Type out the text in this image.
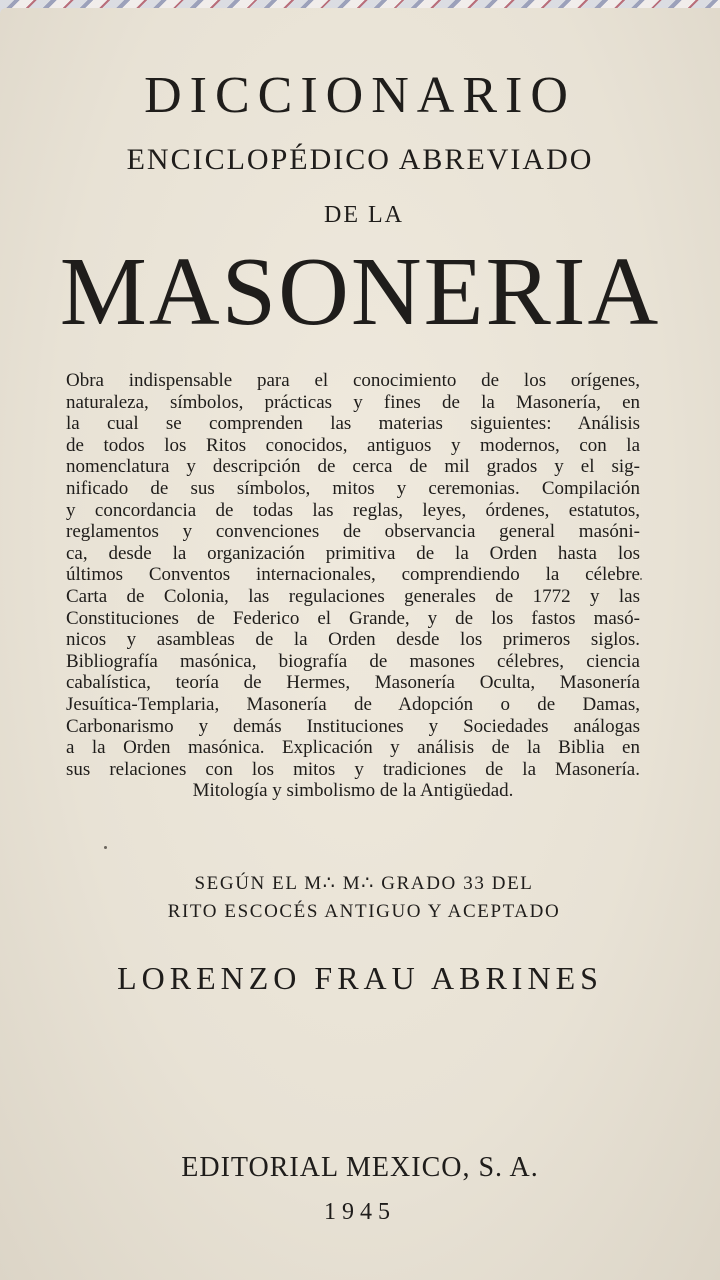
DICCIONARIO
ENCICLOPÉDICO ABREVIADO
DE LA
MASONERIA
Obra indispensable para el conocimiento de los orígenes,
naturaleza, símbolos, prácticas y fines de la Masonería, en
la cual se comprenden las materias siguientes: Análisis
de todos los Ritos conocidos, antiguos y modernos, con la
nomenclatura y descripción de cerca de mil grados y el sig-
nificado de sus símbolos, mitos y ceremonias. Compilación
y concordancia de todas las reglas, leyes, órdenes, estatutos,
reglamentos y convenciones de observancia general masóni-
ca, desde la organización primitiva de la Orden hasta los
últimos Conventos internacionales, comprendiendo la célebre
Carta de Colonia, las regulaciones generales de 1772 y las
Constituciones de Federico el Grande, y de los fastos masó-
nicos y asambleas de la Orden desde los primeros siglos.
Bibliografía masónica, biografía de masones célebres, ciencia
cabalística, teoría de Hermes, Masonería Oculta, Masonería
Jesuítica-Templaria, Masonería de Adopción o de Damas,
Carbonarismo y demás Instituciones y Sociedades análogas
a la Orden masónica. Explicación y análisis de la Biblia en
sus relaciones con los mitos y tradiciones de la Masonería.
Mitología y simbolismo de la Antigüedad.
SEGÚN EL M∴ M∴ GRADO 33 DEL
RITO ESCOCÉS ANTIGUO Y ACEPTADO
LORENZO FRAU ABRINES
EDITORIAL MEXICO, S. A.
1945
